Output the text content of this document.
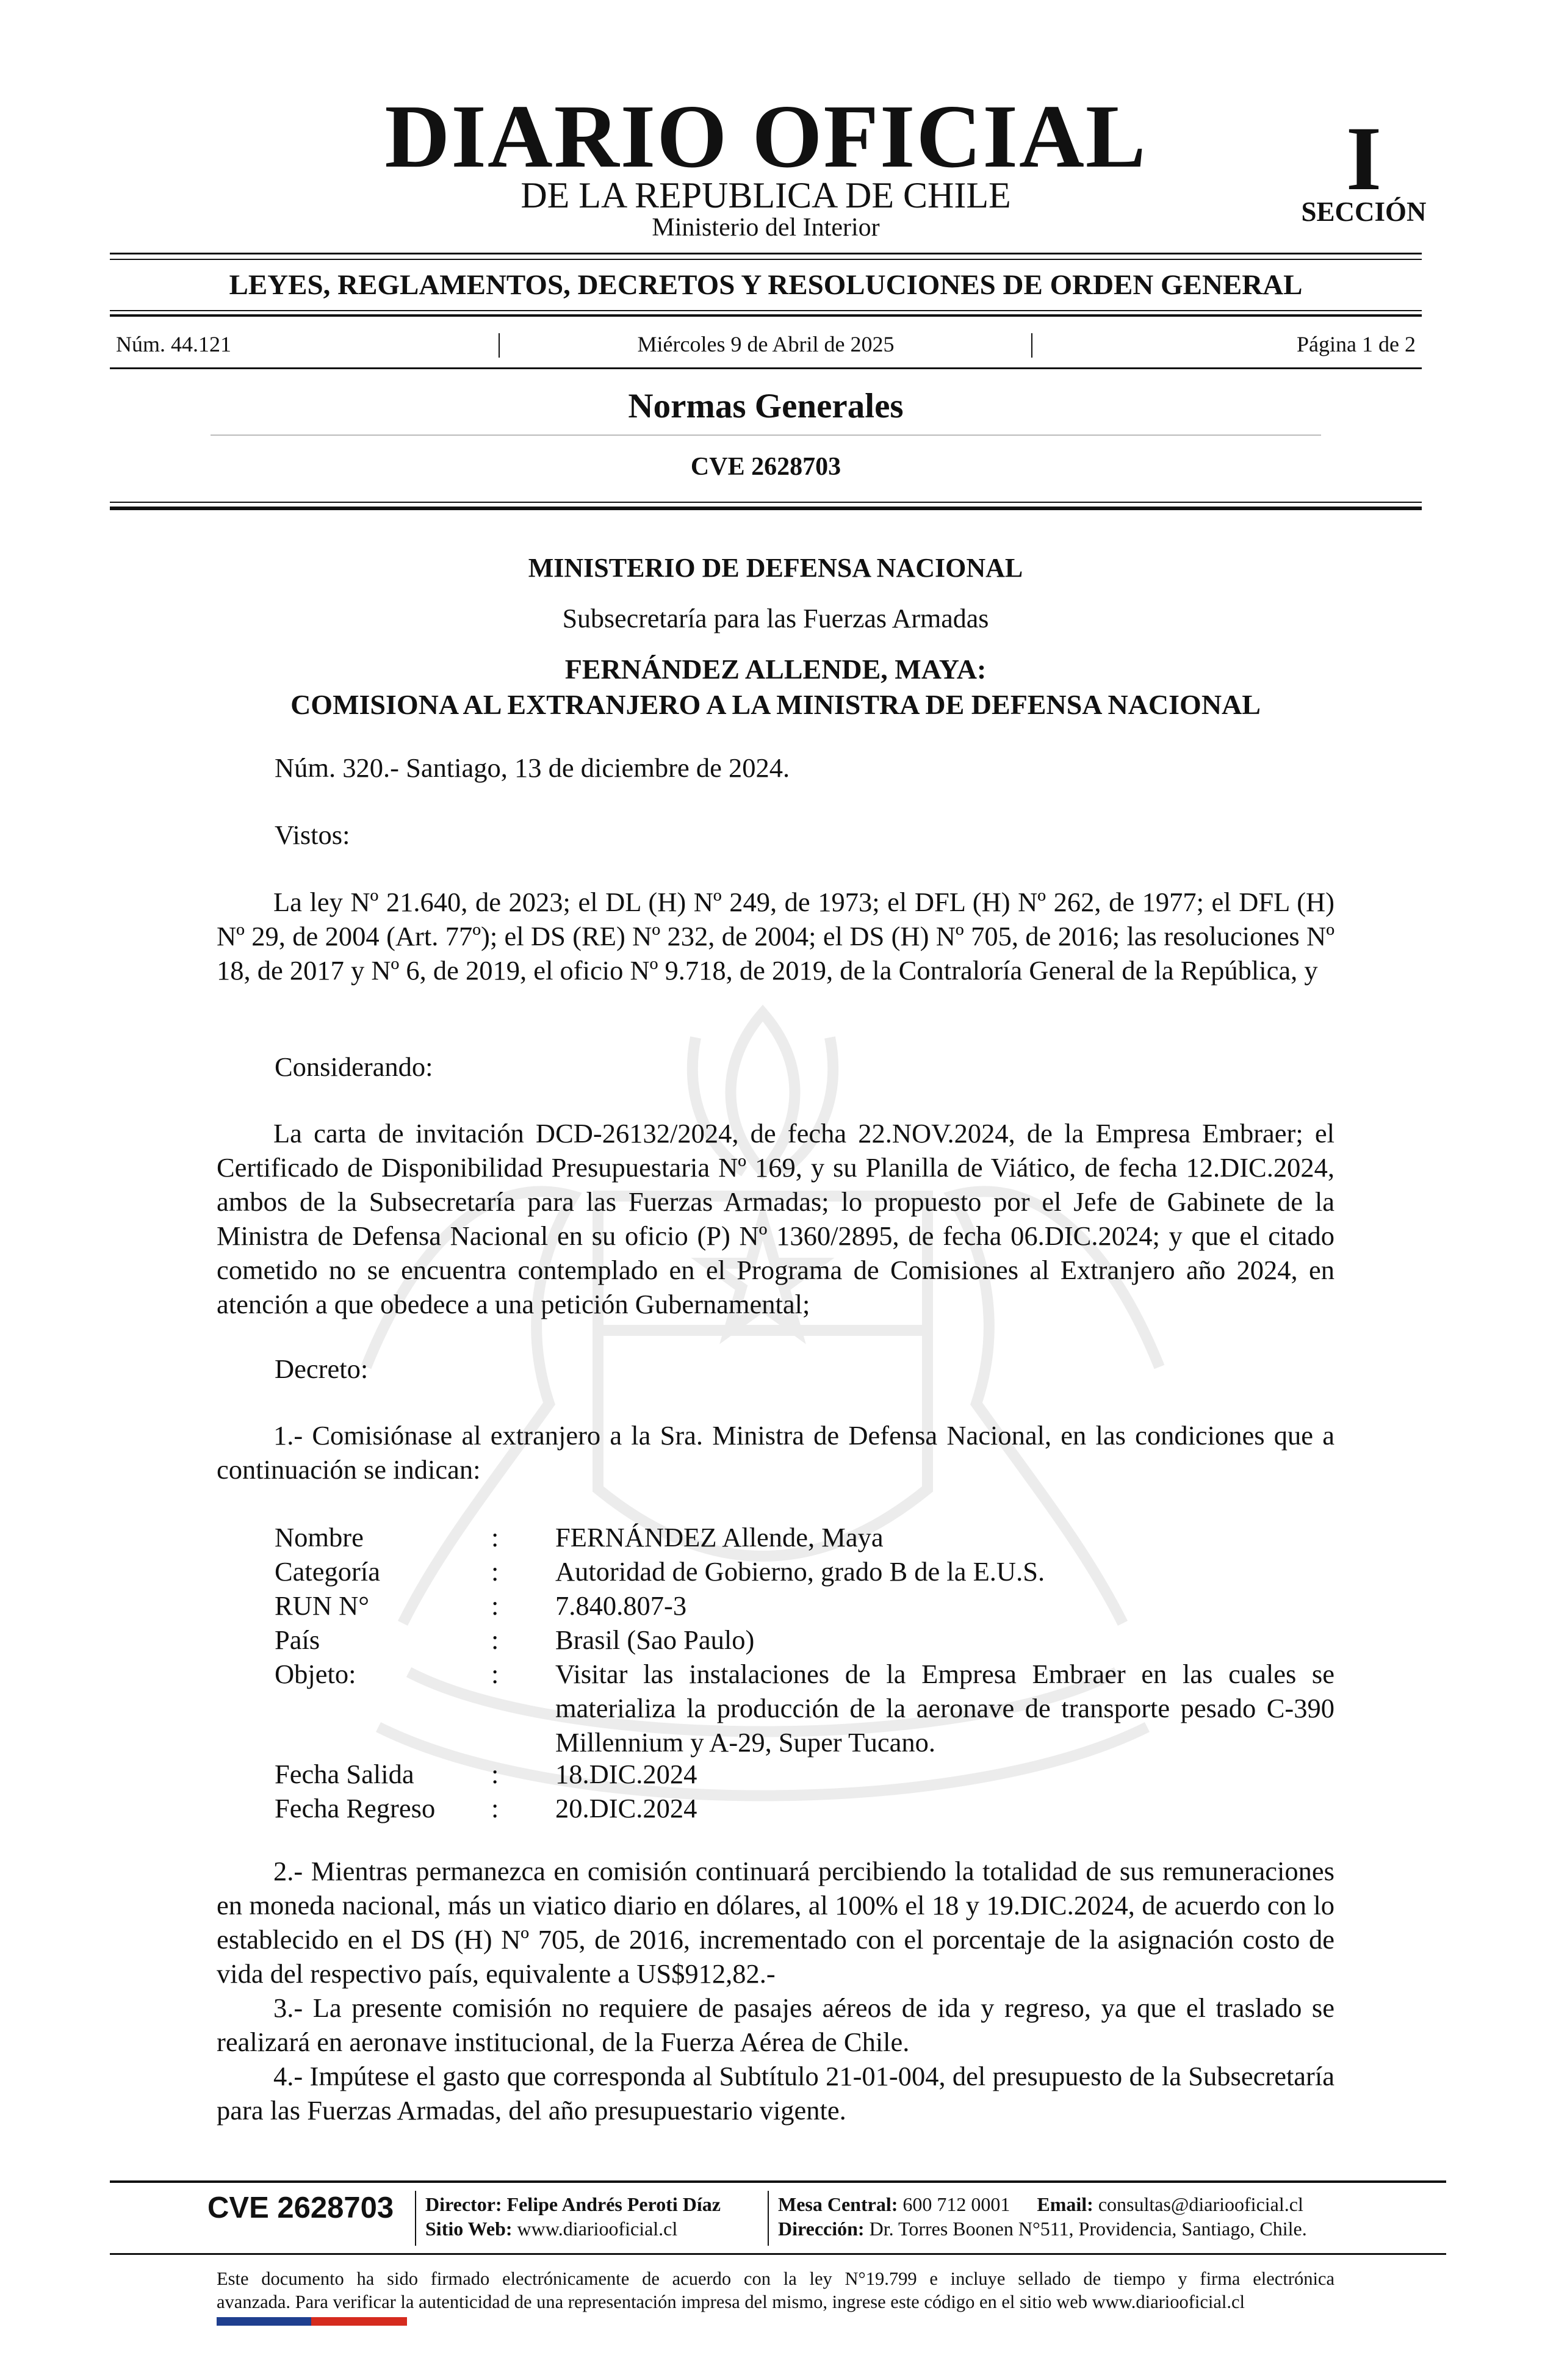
DIARIO OFICIAL
DE LA REPUBLICA DE CHILE
Ministerio del Interior
I
SECCIÓN
LEYES, REGLAMENTOS, DECRETOS Y RESOLUCIONES DE ORDEN GENERAL
Núm. 44.121	Miércoles 9 de Abril de 2025	Página 1 de 2
Normas Generales
CVE 2628703
MINISTERIO DE DEFENSA NACIONAL
Subsecretaría para las Fuerzas Armadas
FERNÁNDEZ ALLENDE, MAYA:
COMISIONA AL EXTRANJERO A LA MINISTRA DE DEFENSA NACIONAL
Núm. 320.- Santiago, 13 de diciembre de 2024.
Vistos:

La ley Nº 21.640, de 2023; el DL (H) Nº 249, de 1973; el DFL (H) Nº 262, de 1977; el DFL (H) Nº 29, de 2004 (Art. 77º); el DS (RE) Nº 232, de 2004; el DS (H) Nº 705, de 2016; las resoluciones Nº 18, de 2017 y Nº 6, de 2019, el oficio Nº 9.718, de 2019, de la Contraloría General de la República, y

Considerando:

La carta de invitación DCD-26132/2024, de fecha 22.NOV.2024, de la Empresa Embraer; el Certificado de Disponibilidad Presupuestaria Nº 169, y su Planilla de Viático, de fecha 12.DIC.2024, ambos de la Subsecretaría para las Fuerzas Armadas; lo propuesto por el Jefe de Gabinete de la Ministra de Defensa Nacional en su oficio (P) Nº 1360/2895, de fecha 06.DIC.2024; y que el citado cometido no se encuentra contemplado en el Programa de Comisiones al Extranjero año 2024, en atención a que obedece a una petición Gubernamental;

Decreto:

1.- Comisiónase al extranjero a la Sra. Ministra de Defensa Nacional, en las condiciones que a continuación se indican:

Nombre	: FERNÁNDEZ Allende, Maya
Categoría	: Autoridad de Gobierno, grado B de la E.U.S.
RUN N°	: 7.840.807-3
País	: Brasil (Sao Paulo)
Objeto:	: Visitar las instalaciones de la Empresa Embraer en las cuales se materializa la producción de la aeronave de transporte pesado C-390 Millennium y A-29, Super Tucano.
Fecha Salida	: 18.DIC.2024
Fecha Regreso : 20.DIC.2024

2.- Mientras permanezca en comisión continuará percibiendo la totalidad de sus remuneraciones en moneda nacional, más un viatico diario en dólares, al 100% el 18 y 19.DIC.2024, de acuerdo con lo establecido en el DS (H) Nº 705, de 2016, incrementado con el porcentaje de la asignación costo de vida del respectivo país, equivalente a US$912,82.-

3.- La presente comisión no requiere de pasajes aéreos de ida y regreso, ya que el traslado se realizará en aeronave institucional, de la Fuerza Aérea de Chile.

4.- Impútese el gasto que corresponda al Subtítulo 21-01-004, del presupuesto de la Subsecretaría para las Fuerzas Armadas, del año presupuestario vigente.

CVE 2628703 Director: Felipe Andrés Peroti Díaz
Sitio Web: www.diariooficial.cl
Mesa Central: 600 712 0001 Email: consultas@diariooficial.cl
Dirección: Dr. Torres Boonen N°511, Providencia, Santiago, Chile.
Este documento ha sido firmado electrónicamente de acuerdo con la ley N°19.799 e incluye sellado de tiempo y firma electrónica
avanzada. Para verificar la autenticidad de una representación impresa del mismo, ingrese este código en el sitio web www.diariooficial.cl
